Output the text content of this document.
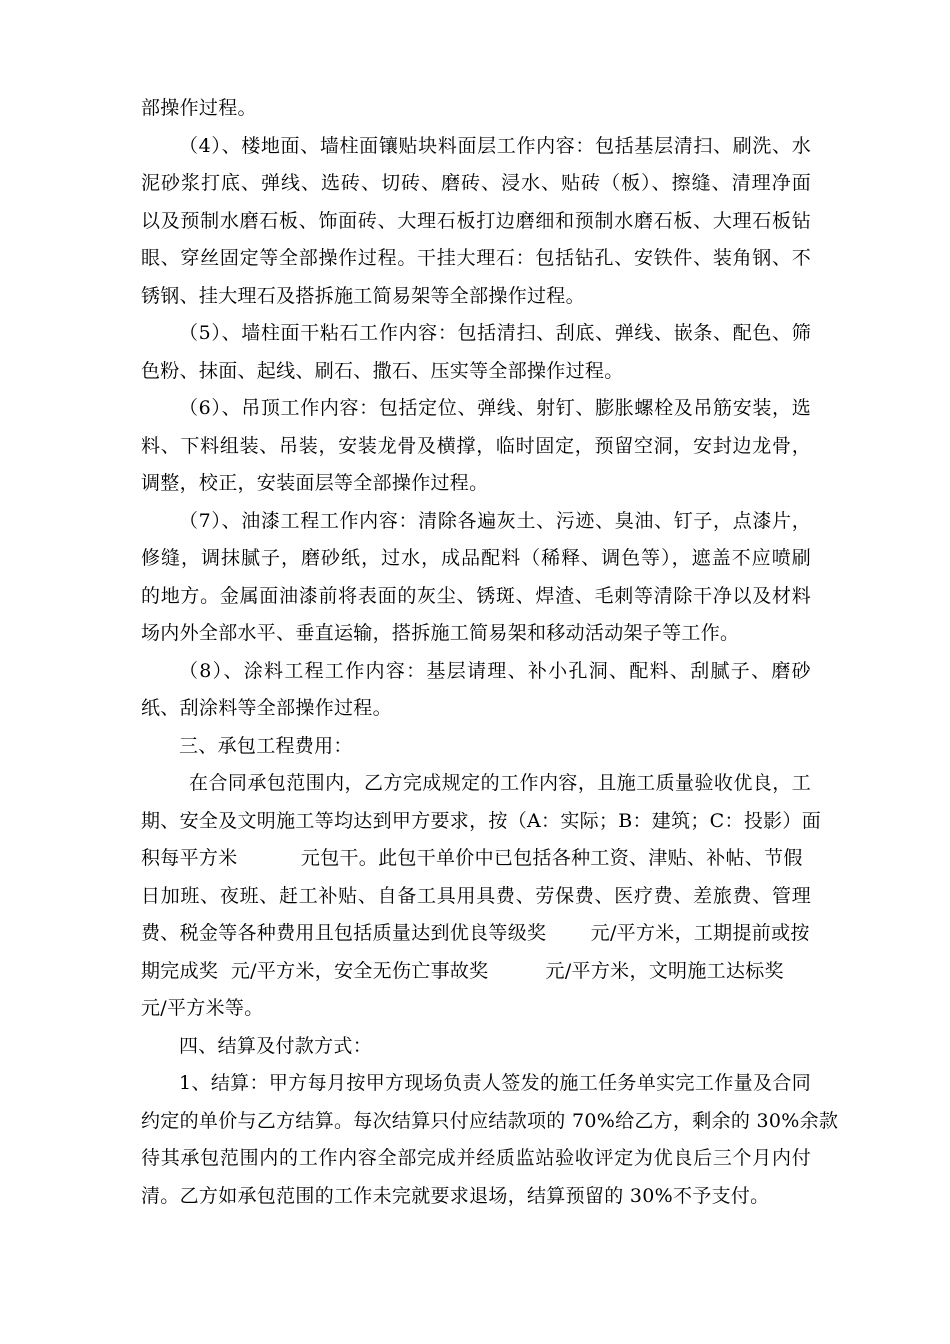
部操作过程。
（4）、楼地面、墙柱面镶贴块料面层工作内容：包括基层清扫、刷洗、水
泥砂浆打底、弹线、选砖、切砖、磨砖、浸水、贴砖（板）、擦缝、清理净面
以及预制水磨石板、饰面砖、大理石板打边磨细和预制水磨石板、大理石板钻
眼、穿丝固定等全部操作过程。干挂大理石：包括钻孔、安铁件、装角钢、不
锈钢、挂大理石及搭拆施工简易架等全部操作过程。
（5）、墙柱面干粘石工作内容：包括清扫、刮底、弹线、嵌条、配色、筛
色粉、抹面、起线、刷石、撒石、压实等全部操作过程。
（6）、吊顶工作内容：包括定位、弹线、射钉、膨胀螺栓及吊筋安装，选
料、下料组装、吊装，安装龙骨及横撑，临时固定，预留空洞，安封边龙骨，
调整，校正，安装面层等全部操作过程。
（7）、油漆工程工作内容：清除各遍灰土、污迹、臭油、钉子，点漆片，
修缝，调抹腻子，磨砂纸，过水，成品配料（稀释、调色等），遮盖不应喷刷
的地方。金属面油漆前将表面的灰尘、锈斑、焊渣、毛刺等清除干净以及材料
场内外全部水平、垂直运输，搭拆施工简易架和移动活动架子等工作。
（8）、涂料工程工作内容：基层请理、补小孔洞、配料、刮腻子、磨砂
纸、刮涂料等全部操作过程。
三、承包工程费用：
在合同承包范围内，乙方完成规定的工作内容，且施工质量验收优良，工
期、安全及文明施工等均达到甲方要求，按（A：实际；B：建筑；C：投影）面
积每平方米          元包干。此包干单价中已包括各种工资、津贴、补帖、节假
日加班、夜班、赶工补贴、自备工具用具费、劳保费、医疗费、差旅费、管理
费、税金等各种费用且包括质量达到优良等级奖       元/平方米，工期提前或按
期完成奖  元/平方米，安全无伤亡事故奖         元/平方米，文明施工达标奖
元/平方米等。
四、结算及付款方式：
1、结算：甲方每月按甲方现场负责人签发的施工任务单实完工作量及合同
约定的单价与乙方结算。每次结算只付应结款项的 70%给乙方，剩余的 30%余款
待其承包范围内的工作内容全部完成并经质监站验收评定为优良后三个月内付
清。乙方如承包范围的工作未完就要求退场，结算预留的 30%不予支付。
